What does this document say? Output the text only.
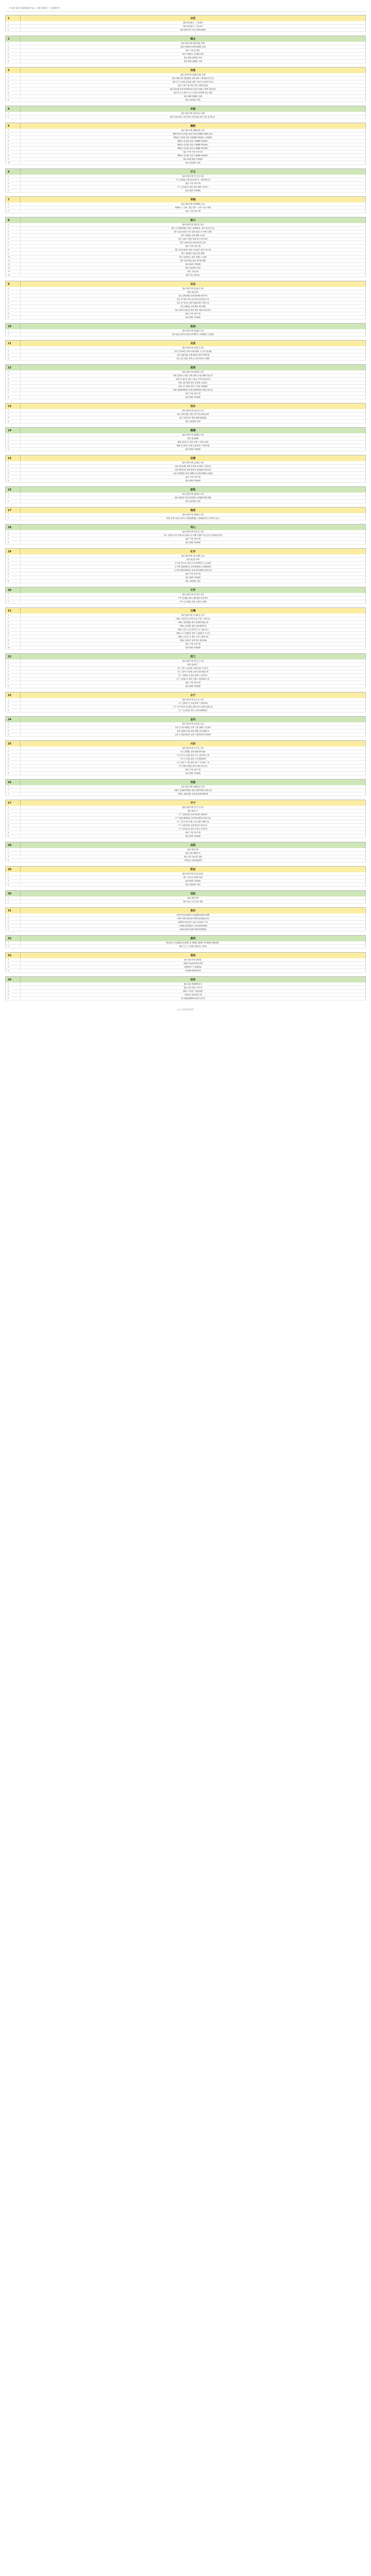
[宁夏] 银川市高铁旅游产品，具体行程如下（仅供参考）
1	出发
1	接站 抵达银川，入住酒店
2	接站 抵达银川，自由活动
3	接站 晚餐 餐厅享用宁夏特色晚餐
2	镇北
1	接站 酒店早餐【镇北堡】参观
2	接站 西部影城【影视拍摄】参观
3	接站 午餐【午餐】
4	接站 沙湖景区【沙湖】游览
5	接站 游船【游船】体验
6	接站 晚餐【晚餐】自理
3	西夏
1	接站 酒店早餐【西夏王陵】参观
2	接站 西夏王陵【陵墓群】参观 讲解 了解西夏历史文化
3	接站 贺兰山岩画【岩画】参观 了解古代岩画艺术文化
4	接站 午餐 午餐 享用午餐 宁夏特色菜品
5	接站 镇北堡 参观 西部影视城 参观 古城墙 古建筑 观光游览
6	接站 贺兰山 游览 贺兰山 参观 自然景观 登山 拍照
7	接站 晚餐【晚餐】自理
8	接站 返回酒店 休息
4	沙坡
1	接站 酒店早餐【沙坡头】参观
2	接站 沙坡头景区 参观 黄河 沙漠 骆驼 滑沙 体验【沙坡头】
5	腾格
1	接站 酒店早餐【腾格里】出发
2	腾格里沙漠【沙漠】游览 体验沙漠越野 骑骆驼 滑沙
3	腾格里【沙漠】游览 沙漠越野 骆驼骑行 沙漠露营
4	腾格里【沙漠】游览 沙漠越野 骆驼骑行
5	腾格里【沙漠】游览 沙漠越野 骆驼骑行
6	腾格里【沙漠】游览 沙漠越野 骆驼骑行
7	接站 午餐 午餐 享用午餐
8	腾格里【沙漠】游览 沙漠越野 骆驼骑行
9	接站 晚餐 晚餐 享用晚餐
10	接站 返回酒店 休息
6	中卫
1	接站 酒店早餐【中卫】出发
2	中卫【高庙】参观 高庙 保安寺 了解宗教文化
3	接站 午餐 享用午餐
4	中卫【沙坡头】游览 黄河 漂流 羊皮筏子
5	接站 晚餐 享用晚餐
7	青铜
1	接站 酒店早餐【青铜峡】出发
2	青铜峡【一百零八塔】参观 一百零八塔 古塔群
3	接站 午餐 享用午餐
8	银川
1	接站 酒店早餐【银川】出发
2	银川【宁夏博物馆】参观 宁夏博物馆 了解宁夏历史文化
3	银川【南关清真大寺】参观 清真大寺 伊斯兰建筑
4	银川【鼓楼】参观 鼓楼 玉皇阁
5	银川【承天寺塔】参观 承天寺塔 西塔
6	银川【海宝塔】参观 海宝塔 北塔
7	接站 午餐 享用午餐
8	银川【怀远夜市】游览 怀远夜市 品尝宁夏小吃
9	银川【鼓楼步行街】游览 购物
10	银川【老城区】游览 老城区 文化街
11	银川【新华街】游览 新华街 购物
12	接站 晚餐 享用晚餐
13	接站 返回酒店 休息
14	银川 自由活动
15	接站 送站【机场】
9	吴忠
1	接站 酒店早餐【吴忠】出发
2	接站 抵达吴忠
3	吴忠【黄河楼】参观 黄河楼 黄河风光
4	吴忠【早茶】体验 吴忠早茶 品尝特色小吃
5	吴忠【牛家坊】参观 回族民俗村 民俗文化
6	吴忠【董府】参观 董府 清代建筑
7	吴忠【黄河大峡谷】游览 黄河大峡谷 峡谷风光
8	接站 午餐 享用午餐
9	接站 晚餐 享用晚餐
10	盐池
1	接站 酒店早餐【盐池】出发
2	接站 盐池 参观 哈巴湖 自然保护区 沙漠湿地 生态旅游
11	灵武
1	接站 酒店早餐【灵武】出发
2	灵武【水洞沟】参观 水洞沟遗址 古人类文化遗址
3	灵武【藏兵洞】参观 藏兵洞 明代军事设施
4	灵武【红山堡】参观 红山堡 明长城 古城堡
12	固原
1	接站 酒店早餐【固原】出发
2	固原【须弥山石窟】参观 须弥山石窟 佛教石窟艺术
3	固原【六盘山】游览 六盘山 红军长征纪念馆
4	固原【老龙潭】游览 老龙潭 泾河源头
5	固原【火石寨】游览 火石寨 丹霞地貌
6	固原【固原博物馆】参观 固原博物馆 丝绸之路文化
7	接站 午餐 享用午餐
8	接站 晚餐 享用晚餐
13	西吉
1	接站 酒店早餐【西吉】出发
2	西吉【将台堡】参观 红军长征会师纪念馆
3	西吉【党家岔】游览 震湖 地震遗址
4	接站 返回酒店 休息
14	隆德
1	接站 酒店早餐【隆德】出发
2	接站 抵达隆德
3	隆德【老巷子】游览 老巷子 民俗文化街
4	隆德【红崖村】参观 红崖老巷子 民俗村落
5	接站 晚餐 享用晚餐
15	泾源
1	接站 酒店早餐【泾源】出发
2	泾源【老龙潭】游览 老龙潭 泾河源头 自然风光
3	泾源【野荷谷】游览 野荷谷 原始森林 峡谷风光
4	泾源【凉殿峡】游览 凉殿峡 成吉思汗避暑行宫遗址
5	接站 午餐 享用午餐
6	接站 晚餐 享用晚餐
16	彭阳
1	接站 酒店早餐【彭阳】出发
2	彭阳【梯田】游览 彭阳梯田 壮观梯田景观 摄影
3	接站 返回酒店 休息
17	海原
1	接站 酒店早餐【海原】出发
2	海原 参观 天都山 南华山 海原地震遗址 了解地震历史 自然风光 登山
18	同心
1	接站 酒店早餐【同心】出发
2	同心【清真大寺】参观 同心清真大寺 伊斯兰建筑 历史文化 红军西征纪念馆
3	接站 午餐 享用午餐
4	接站 晚餐 享用晚餐
19	红寺
1	接站 酒店早餐【红寺堡】出发
2	接站 抵达红寺堡
3	红寺堡【罗山】游览 罗山自然保护区 生态旅游
4	红寺堡【葡萄酒庄】参观 葡萄酒庄 品鉴葡萄酒
5	红寺堡【移民博物馆】参观 移民博物馆 移民历史
6	接站 午餐 享用午餐
7	接站 晚餐 享用晚餐
8	接站 返回酒店 休息
20	平罗
1	接站 酒店早餐【平罗】出发
2	平罗【沙湖】游览 沙湖 湖泊 沙漠 观鸟
3	平罗【玉皇阁】参观 玉皇阁 古建筑
21	石嘴
1	接站 酒店早餐【石嘴山】出发
2	石嘴山【北武当】参观 北武当 庙宇 宗教文化
3	石嘴山【星海湖】游览 星海湖 湿地公园
4	石嘴山【沙湖】游览 沙湖 湖泊风光
5	石嘴山【贺兰山】游览 贺兰山 岩画 登山
6	石嘴山【工业遗址】参观 工业遗址 矿山文化
7	石嘴山【大武口】游览 大武口 森林公园
8	石嘴山【惠农】参观 惠农 黄河湿地
9	接站 午餐 享用午餐
10	接站 晚餐 享用晚餐
22	贺兰
1	接站 酒店早餐【贺兰】出发
2	接站 抵达贺兰
3	贺兰【贺兰山岩画】参观 岩画 古代艺术
4	贺兰【拜寺口双塔】参观 双塔 西夏古塔
5	贺兰【滚钟口】游览 滚钟口 自然风光
6	贺兰【苏峪口】游览 苏峪口 国家森林公园
7	接站 午餐 享用午餐
8	接站 晚餐 享用晚餐
23	永宁
1	接站 酒店早餐【永宁】出发
2	永宁【纳家户】参观 纳家户 回族村落
3	永宁【中华回乡文化园】参观 回乡文化园 回族文化
4	永宁【玉泉营】游览 玉泉营 葡萄酒庄
24	金凤
1	接站 酒店早餐【金凤】出发
2	金凤【宁夏大剧院】参观 宁夏大剧院 文化演出
3	金凤【阅海公园】游览 阅海公园 湿地风光
4	金凤【宁夏科技馆】参观 宁夏科技馆 科普教育
25	兴庆
1	接站 酒店早餐【兴庆】出发
2	兴庆【鼓楼】参观 鼓楼 城市地标
3	兴庆【中山公园】游览 中山公园 城市公园
4	兴庆【宁园】游览 宁园 园林景观
5	兴庆【南门广场】游览 南门广场 城市广场
6	兴庆【银川老街】游览 老街 民俗文化
7	接站 午餐 享用午餐
8	接站 晚餐 享用晚餐
26	西夏
1	接站 酒店早餐【西夏区】出发
2	西夏区【西夏风情园】游览 西夏风情园 民俗文化
3	西夏区【镇北堡】参观 镇北堡西部影城
27	中宁
1	接站 酒店早餐【中宁】出发
2	接站 抵达中宁
3	中宁【枸杞园】参观 枸杞园 采摘体验
4	中宁【枸杞博物馆】参观 枸杞博物馆 枸杞文化
5	中宁【石空寺】参观 石空大佛寺 佛教文化
6	中宁【黄河宫】参观 黄河宫 黄河文化
7	中宁【红梧山】游览 红梧山 自然风光
8	接站 午餐 享用午餐
9	接站 晚餐 享用晚餐
28	返程
1	接站 酒店早餐
2	接站 退房 整理行李
3	接站 送站【机场】返程
4	行程结束 祝您旅途愉快
29	附加
1	接站 酒店早餐【自由活动】
2	银川 自由活动 购物 休闲
3	接站 晚餐 享用晚餐
4	接站 返回酒店 休息
30	送站
1	接站 酒店早餐
2	接站 送站【火车站】返程
31	备注
1	行程中景点游览顺序可能根据实际情况调整
2	行程中用餐为团队餐 特殊饮食请提前告知
3	请携带好身份证件 注意人身及财产安全
4	沙漠地区昼夜温差大 请注意防寒保暖
5	高原地区紫外线强 请做好防晒措施
32	费用
1	费用包含【交通费】【住宿费】【门票费】【餐费】【导游费】【保险费】
2	费用不含 个人消费 自费项目 单房差
33	须知
1	接站 酒店早餐【须知】
2	请遵守当地民族风俗习惯
3	请保管好个人贵重物品
4	如有疑问请联系导游
34	结束
1	接站 抵达 感谢您的参与
2	接站 送站 祝您一路平安
3	期待下次再见 宁夏欢迎您
4	行程结束 欢迎再来宁夏
5	本行程最终解释权归旅行社所有
以上行程仅供参考
